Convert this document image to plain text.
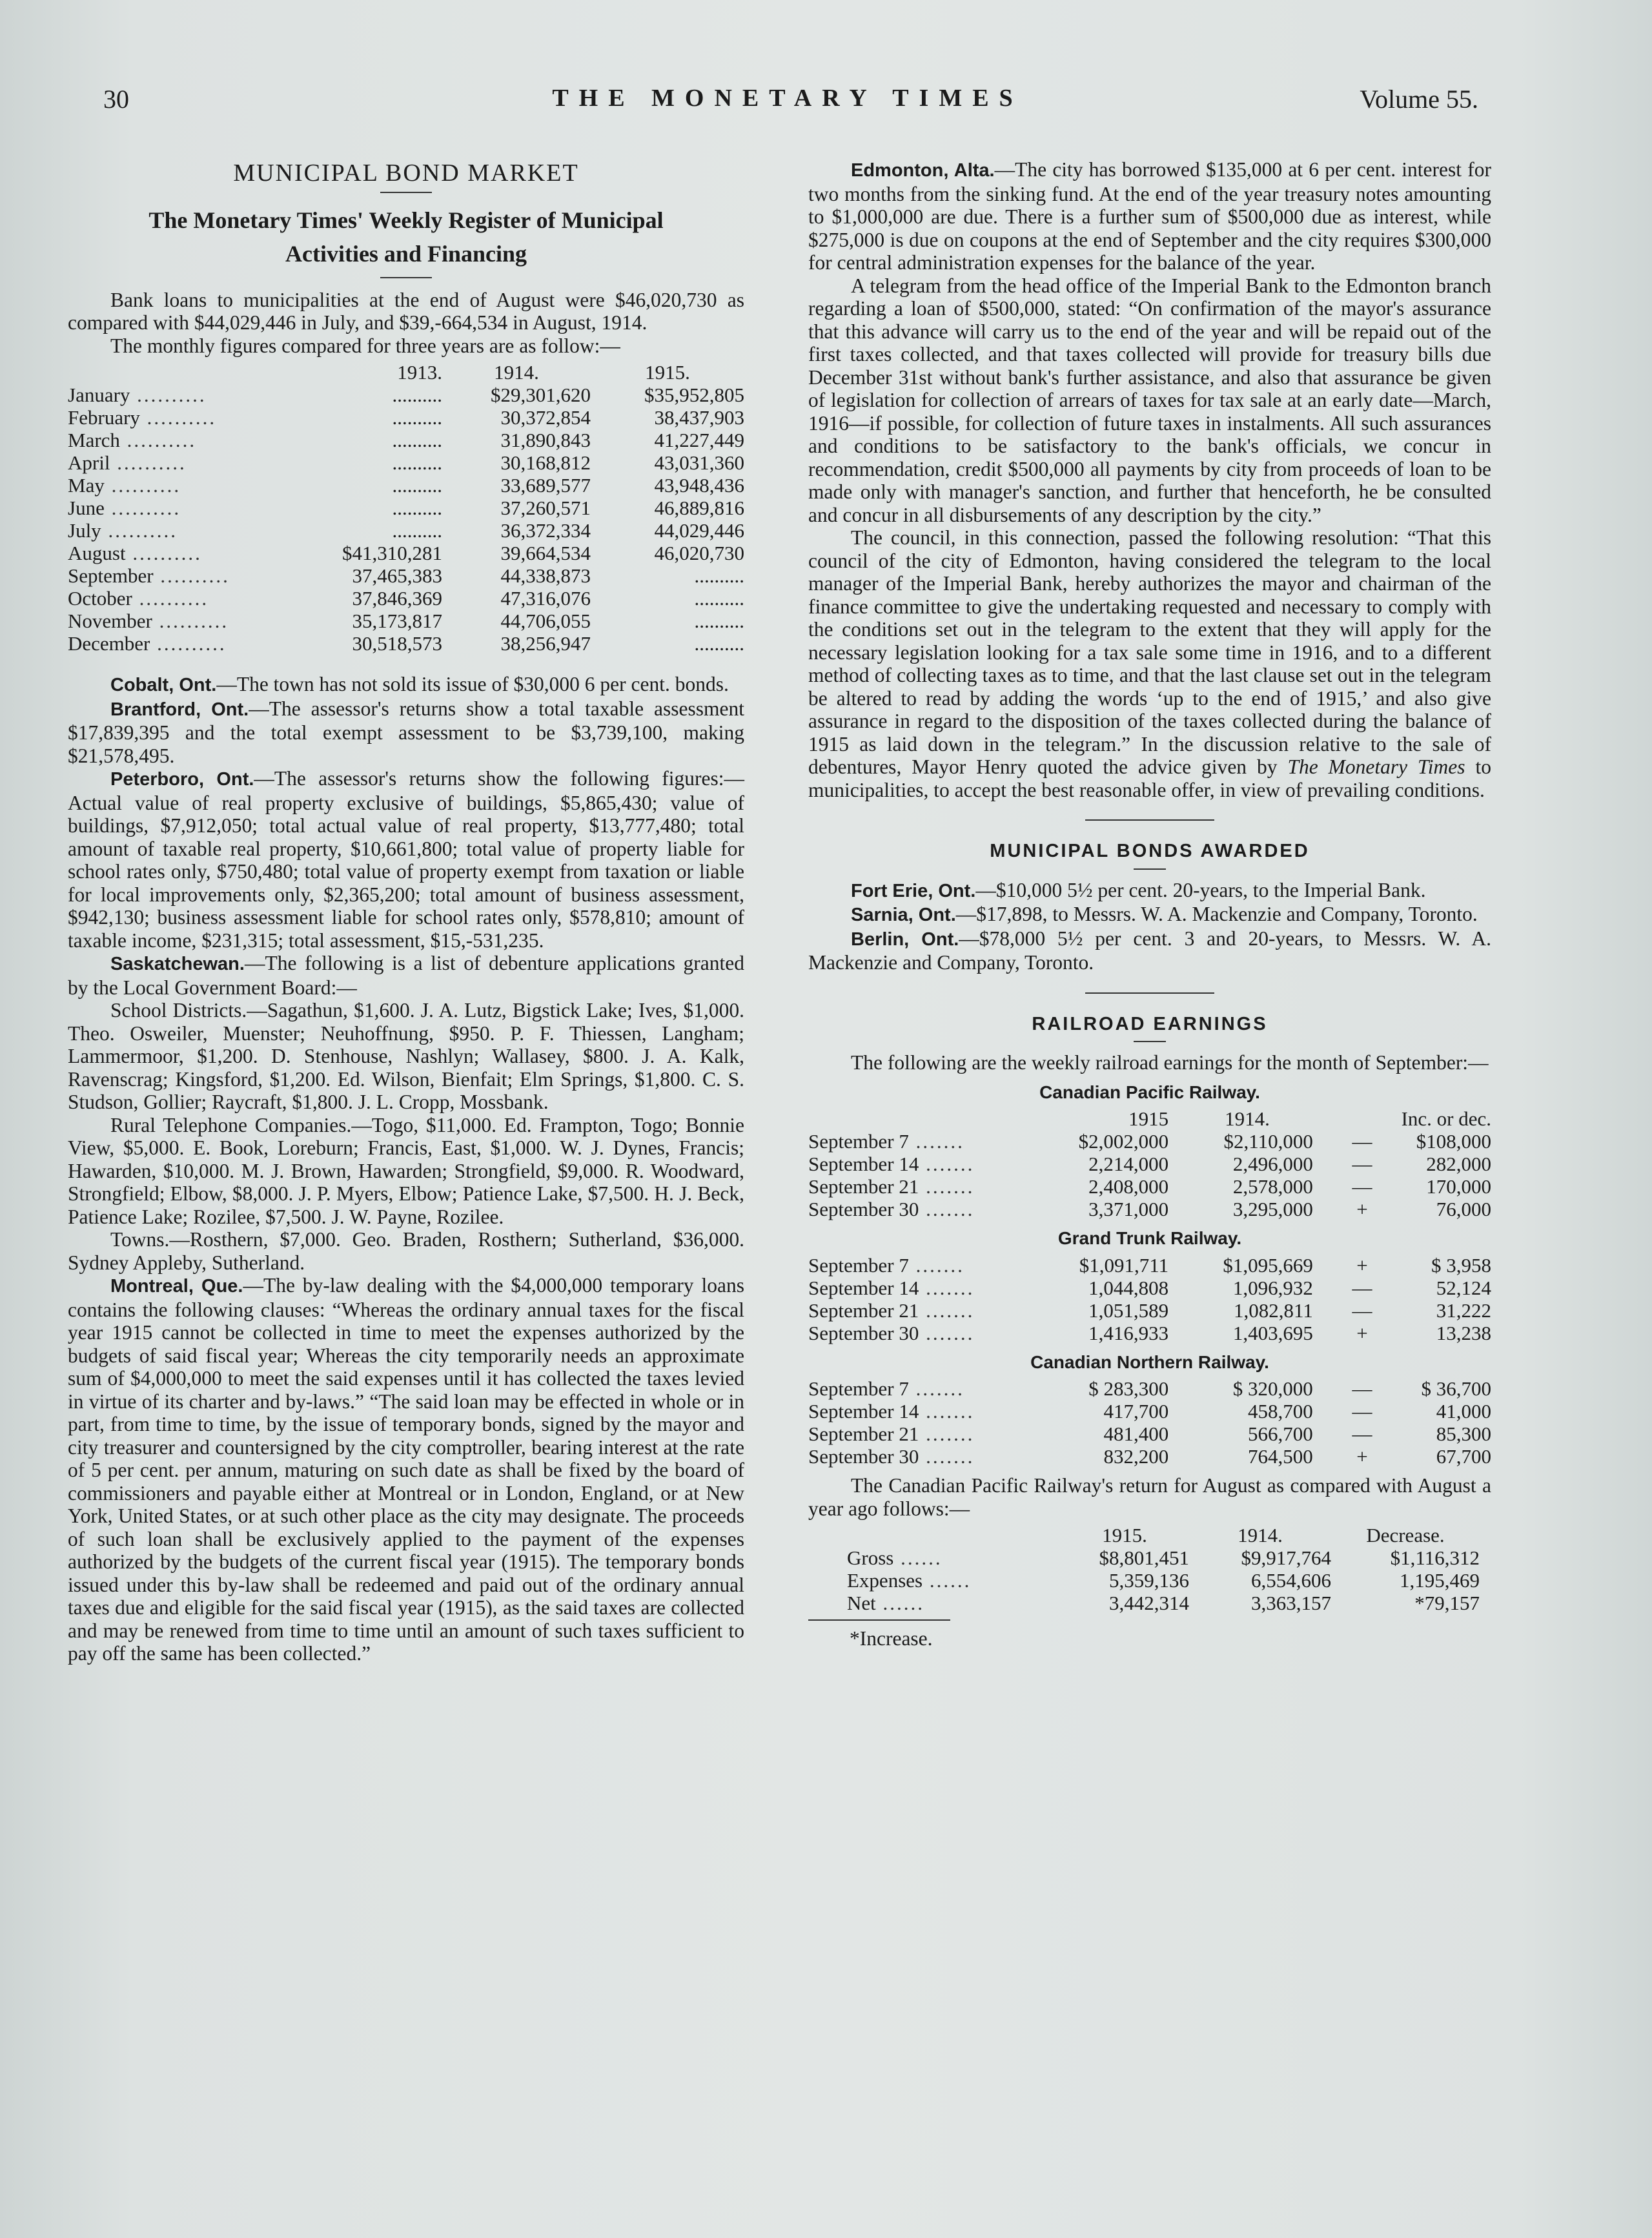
30	THE MONETARY TIMES	Volume 55.
MUNICIPAL BOND MARKET
The Monetary Times' Weekly Register of Municipal
Activities and Financing

Bank loans to municipalities at the end of August were $46,020,730 as compared with $44,029,446 in July, and $39,-664,534 in August, 1914.

The monthly figures compared for three years are as follow:—

	1913.	1914.	1915.
January ..........	..........	$29,301,620	$35,952,805
February ..........	..........	30,372,854	38,437,903
March ..........	..........	31,890,843	41,227,449
April ..........	..........	30,168,812	43,031,360
May ..........	..........	33,689,577	43,948,436
June ..........	..........	37,260,571	46,889,816
July ..........	..........	36,372,334	44,029,446
August ..........	$41,310,281	39,664,534	46,020,730
September ..........	37,465,383	44,338,873	..........
October ..........	37,846,369	47,316,076	..........
November ..........	35,173,817	44,706,055	..........
December ..........	30,518,573	38,256,947	..........

Cobalt, Ont.—The town has not sold its issue of $30,000 6 per cent. bonds.

Brantford, Ont.—The assessor's returns show a total taxable assessment $17,839,395 and the total exempt assessment to be $3,739,100, making $21,578,495.

Peterboro, Ont.—The assessor's returns show the following figures:—Actual value of real property exclusive of buildings, $5,865,430; value of buildings, $7,912,050; total actual value of real property, $13,777,480; total amount of taxable real property, $10,661,800; total value of property liable for school rates only, $750,480; total value of property exempt from taxation or liable for local improvements only, $2,365,200; total amount of business assessment, $942,130; business assessment liable for school rates only, $578,810; amount of taxable income, $231,315; total assessment, $15,-531,235.

Saskatchewan.—The following is a list of debenture applications granted by the Local Government Board:—

School Districts.—Sagathun, $1,600. J. A. Lutz, Bigstick Lake; Ives, $1,000. Theo. Osweiler, Muenster; Neuhoffnung, $950. P. F. Thiessen, Langham; Lammermoor, $1,200. D. Stenhouse, Nashlyn; Wallasey, $800. J. A. Kalk, Ravenscrag; Kingsford, $1,200. Ed. Wilson, Bienfait; Elm Springs, $1,800. C. S. Studson, Gollier; Raycraft, $1,800. J. L. Cropp, Mossbank.

Rural Telephone Companies.—Togo, $11,000. Ed. Frampton, Togo; Bonnie View, $5,000. E. Book, Loreburn; Francis, East, $1,000. W. J. Dynes, Francis; Hawarden, $10,000. M. J. Brown, Hawarden; Strongfield, $9,000. R. Woodward, Strongfield; Elbow, $8,000. J. P. Myers, Elbow; Patience Lake, $7,500. H. J. Beck, Patience Lake; Rozilee, $7,500. J. W. Payne, Rozilee.

Towns.—Rosthern, $7,000. Geo. Braden, Rosthern; Sutherland, $36,000. Sydney Appleby, Sutherland.

Montreal, Que.—The by-law dealing with the $4,000,000 temporary loans contains the following clauses: “Whereas the ordinary annual taxes for the fiscal year 1915 cannot be collected in time to meet the expenses authorized by the budgets of said fiscal year; Whereas the city temporarily needs an approximate sum of $4,000,000 to meet the said expenses until it has collected the taxes levied in virtue of its charter and by-laws.” “The said loan may be effected in whole or in part, from time to time, by the issue of temporary bonds, signed by the mayor and city treasurer and countersigned by the city comptroller, bearing interest at the rate of 5 per cent. per annum, maturing on such date as shall be fixed by the board of commissioners and payable either at Montreal or in London, England, or at New York, United States, or at such other place as the city may designate. The proceeds of such loan shall be exclusively applied to the payment of the expenses authorized by the budgets of the current fiscal year (1915). The temporary bonds issued under this by-law shall be redeemed and paid out of the ordinary annual taxes due and eligible for the said fiscal year (1915), as the said taxes are collected and may be renewed from time to time until an amount of such taxes sufficient to pay off the same has been collected.”

Edmonton, Alta.—The city has borrowed $135,000 at 6 per cent. interest for two months from the sinking fund. At the end of the year treasury notes amounting to $1,000,000 are due. There is a further sum of $500,000 due as interest, while $275,000 is due on coupons at the end of September and the city requires $300,000 for central administration expenses for the balance of the year.

A telegram from the head office of the Imperial Bank to the Edmonton branch regarding a loan of $500,000, stated: “On confirmation of the mayor's assurance that this advance will carry us to the end of the year and will be repaid out of the first taxes collected, and that taxes collected will provide for treasury bills due December 31st without bank's further assistance, and also that assurance be given of legislation for collection of arrears of taxes for tax sale at an early date—March, 1916—if possible, for collection of future taxes in instalments. All such assurances and conditions to be satisfactory to the bank's officials, we concur in recommendation, credit $500,000 all payments by city from proceeds of loan to be made only with manager's sanction, and further that henceforth, he be consulted and concur in all disbursements of any description by the city.”

The council, in this connection, passed the following resolution: “That this council of the city of Edmonton, having considered the telegram to the local manager of the Imperial Bank, hereby authorizes the mayor and chairman of the finance committee to give the undertaking requested and necessary to comply with the conditions set out in the telegram to the extent that they will apply for the necessary legislation looking for a tax sale some time in 1916, and to a different method of collecting taxes as to time, and that the last clause set out in the telegram be altered to read by adding the words ‘up to the end of 1915,’ and also give assurance in regard to the disposition of the taxes collected during the balance of 1915 as laid down in the telegram.” In the discussion relative to the sale of debentures, Mayor Henry quoted the advice given by The Monetary Times to municipalities, to accept the best reasonable offer, in view of prevailing conditions.

MUNICIPAL BONDS AWARDED

Fort Erie, Ont.—$10,000 5½ per cent. 20-years, to the Imperial Bank.

Sarnia, Ont.—$17,898, to Messrs. W. A. Mackenzie and Company, Toronto.

Berlin, Ont.—$78,000 5½ per cent. 3 and 20-years, to Messrs. W. A. Mackenzie and Company, Toronto.

RAILROAD EARNINGS

The following are the weekly railroad earnings for the month of September:—

Canadian Pacific Railway.
	1915	1914.	Inc. or dec.
September 7 .......	$2,002,000	$2,110,000	— $108,000
September 14 .......	2,214,000	2,496,000	— 282,000
September 21 .......	2,408,000	2,578,000	— 170,000
September 30 .......	3,371,000	3,295,000	+ 76,000
Grand Trunk Railway.
September 7 .......	$1,091,711	$1,095,669	+ $ 3,958
September 14 .......	1,044,808	1,096,932	— 52,124
September 21 .......	1,051,589	1,082,811	— 31,222
September 30 .......	1,416,933	1,403,695	+ 13,238
Canadian Northern Railway.
September 7 .......	$ 283,300	$ 320,000	— $ 36,700
September 14 .......	417,700	458,700	— 41,000
September 21 .......	481,400	566,700	— 85,300
September 30 .......	832,200	764,500	+ 67,700

The Canadian Pacific Railway's return for August as compared with August a year ago follows:—

	1915.	1914.	Decrease.
Gross ......	$8,801,451	$9,917,764	$1,116,312
Expenses ......	5,359,136	6,554,606	1,195,469
Net ......	3,442,314	3,363,157	*79,157
*Increase.
